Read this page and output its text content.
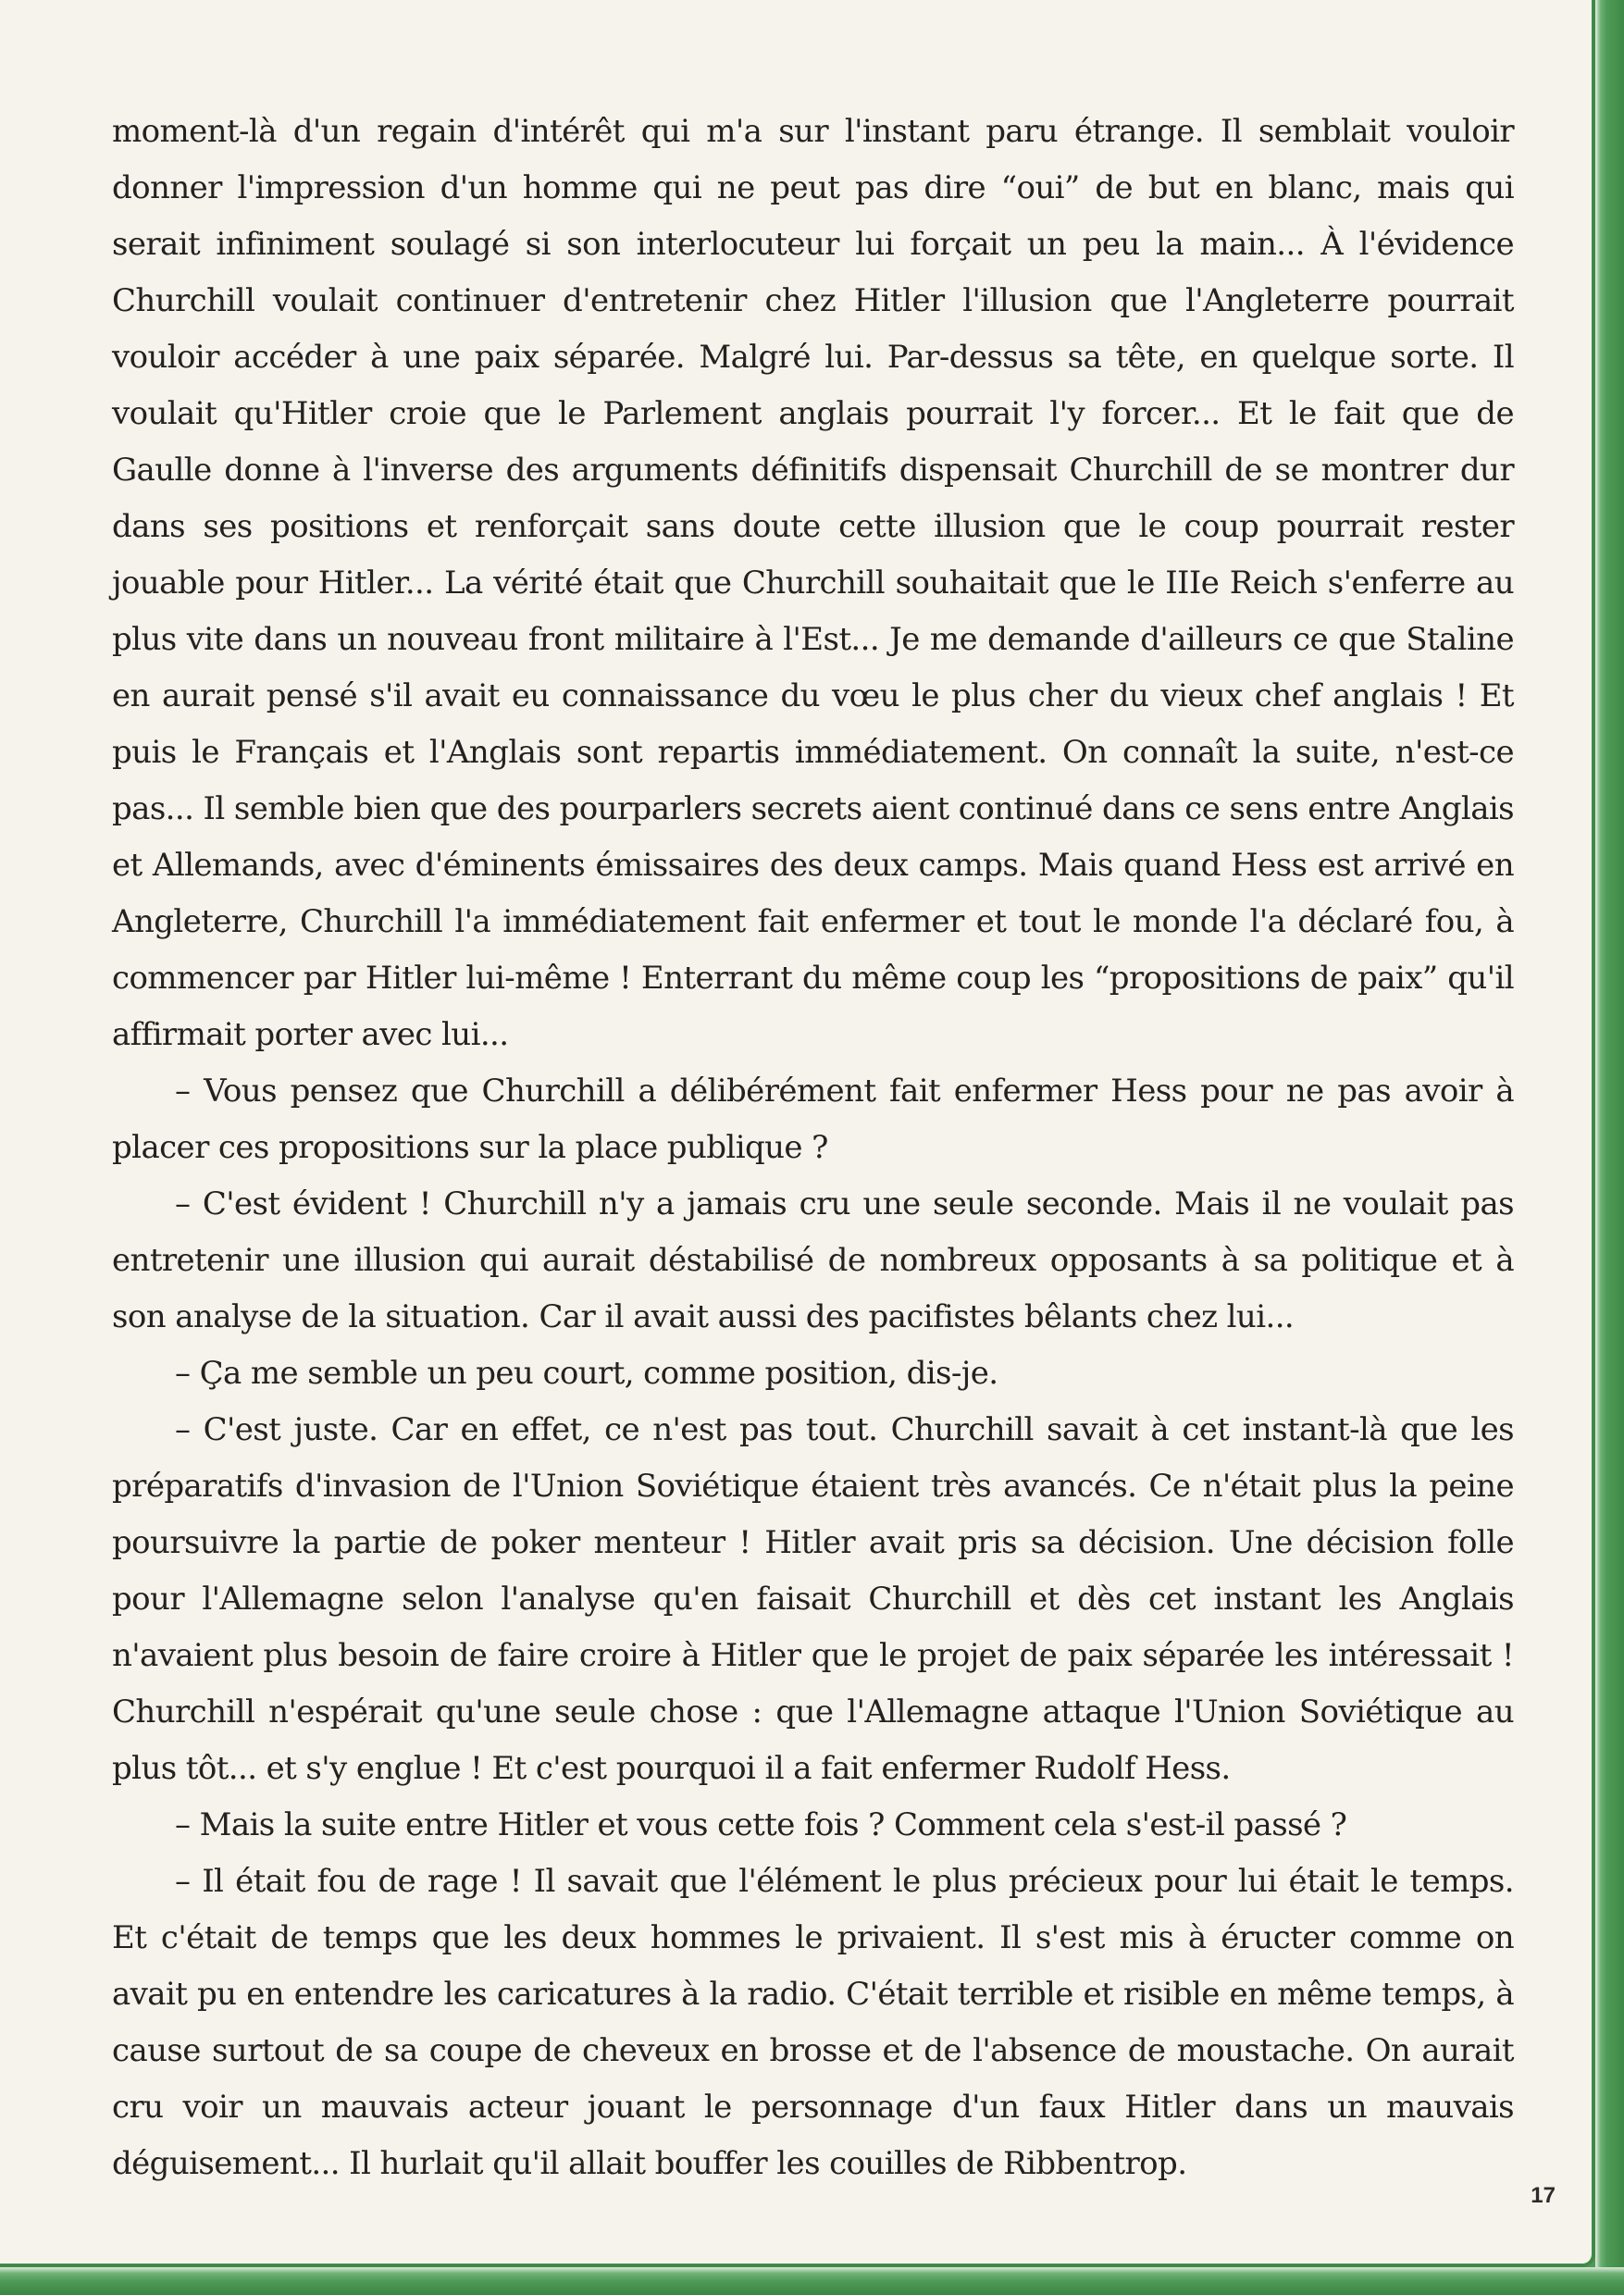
moment-là d'un regain d'intérêt qui m'a sur l'instant paru étrange. Il semblait vouloir donner l'impression d'un homme qui ne peut pas dire “oui” de but en blanc, mais qui serait infiniment soulagé si son interlocuteur lui forçait un peu la main... À l'évidence Churchill voulait continuer d'entretenir chez Hitler l'illusion que l'Angleterre pourrait vouloir accéder à une paix séparée. Malgré lui. Par-dessus sa tête, en quelque sorte. Il voulait qu'Hitler croie que le Parlement anglais pourrait l'y forcer... Et le fait que de Gaulle donne à l'inverse des arguments définitifs dispensait Churchill de se montrer dur dans ses positions et renforçait sans doute cette illusion que le coup pourrait rester jouable pour Hitler... La vérité était que Churchill souhaitait que le IIIe Reich s'enferre au plus vite dans un nouveau front militaire à l'Est... Je me demande d'ailleurs ce que Staline en aurait pensé s'il avait eu connaissance du vœu le plus cher du vieux chef anglais ! Et puis le Français et l'Anglais sont repartis immédiatement. On connaît la suite, n'est-ce pas... Il semble bien que des pourparlers secrets aient continué dans ce sens entre Anglais et Allemands, avec d'éminents émissaires des deux camps. Mais quand Hess est arrivé en Angleterre, Churchill l'a immédiatement fait enfermer et tout le monde l'a déclaré fou, à commencer par Hitler lui-même ! Enterrant du même coup les “propositions de paix” qu'il affirmait porter avec lui...

– Vous pensez que Churchill a délibérément fait enfermer Hess pour ne pas avoir à placer ces propositions sur la place publique ?

– C'est évident ! Churchill n'y a jamais cru une seule seconde. Mais il ne voulait pas entretenir une illusion qui aurait déstabilisé de nombreux opposants à sa politique et à son analyse de la situation. Car il avait aussi des pacifistes bêlants chez lui...

– Ça me semble un peu court, comme position, dis-je.

– C'est juste. Car en effet, ce n'est pas tout. Churchill savait à cet instant-là que les préparatifs d'invasion de l'Union Soviétique étaient très avancés. Ce n'était plus la peine poursuivre la partie de poker menteur ! Hitler avait pris sa décision. Une décision folle pour l'Allemagne selon l'analyse qu'en faisait Churchill et dès cet instant les Anglais n'avaient plus besoin de faire croire à Hitler que le projet de paix séparée les intéressait ! Churchill n'espérait qu'une seule chose : que l'Allemagne attaque l'Union Soviétique au plus tôt... et s'y englue ! Et c'est pourquoi il a fait enfermer Rudolf Hess.

– Mais la suite entre Hitler et vous cette fois ? Comment cela s'est-il passé ?

– Il était fou de rage ! Il savait que l'élément le plus précieux pour lui était le temps. Et c'était de temps que les deux hommes le privaient. Il s'est mis à éructer comme on avait pu en entendre les caricatures à la radio. C'était terrible et risible en même temps, à cause surtout de sa coupe de cheveux en brosse et de l'absence de moustache. On aurait cru voir un mauvais acteur jouant le personnage d'un faux Hitler dans un mauvais déguisement... Il hurlait qu'il allait bouffer les couilles de Ribbentrop.

17
